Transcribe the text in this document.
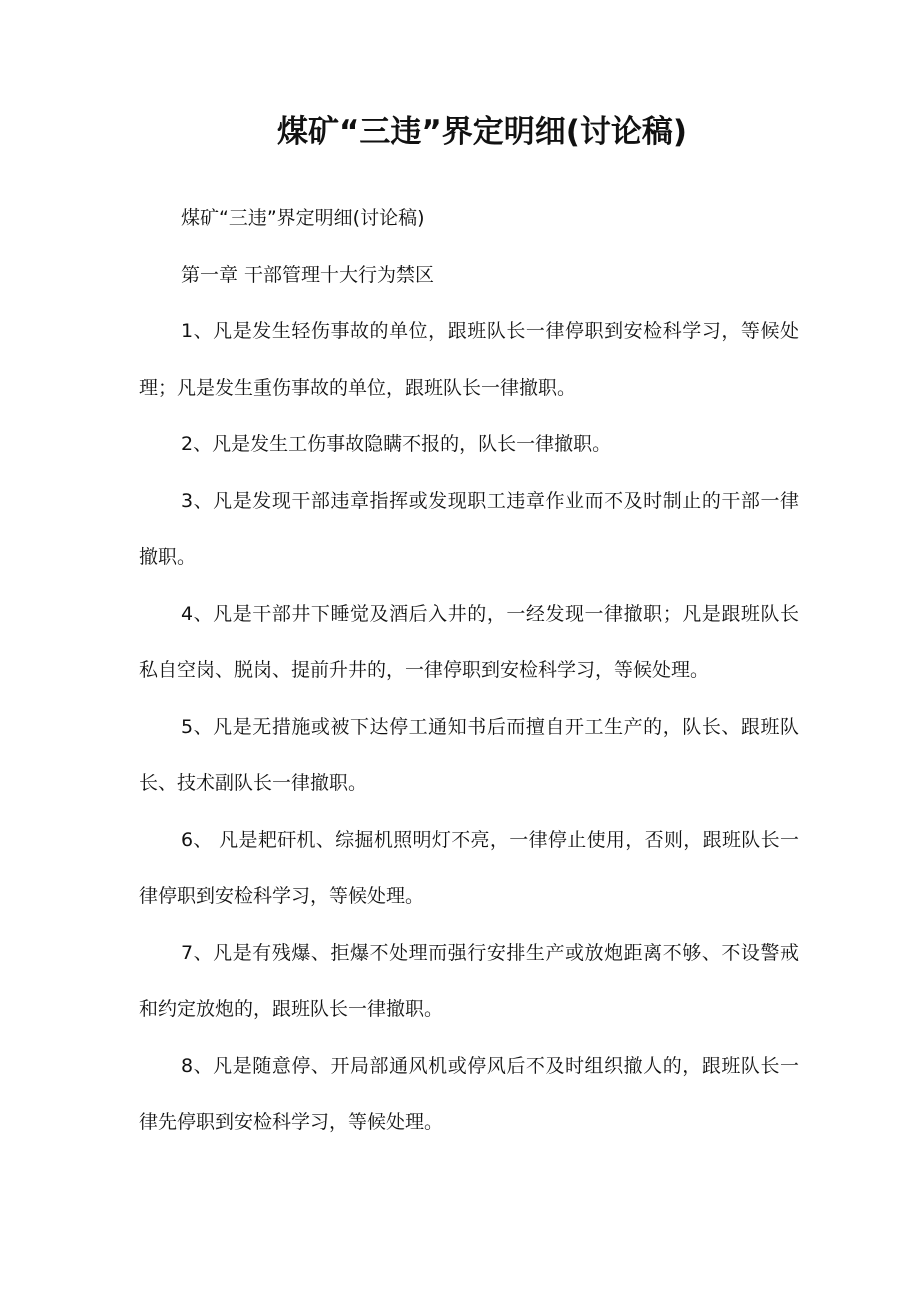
煤矿“三违”界定明细(讨论稿)

煤矿“三违”界定明细(讨论稿)

第一章 干部管理十大行为禁区

1、凡是发生轻伤事故的单位，跟班队长一律停职到安检科学习，等候处理；凡是发生重伤事故的单位，跟班队长一律撤职。

2、凡是发生工伤事故隐瞒不报的，队长一律撤职。

3、凡是发现干部违章指挥或发现职工违章作业而不及时制止的干部一律撤职。

4、凡是干部井下睡觉及酒后入井的，一经发现一律撤职；凡是跟班队长私自空岗、脱岗、提前升井的，一律停职到安检科学习，等候处理。

5、凡是无措施或被下达停工通知书后而擅自开工生产的，队长、跟班队长、技术副队长一律撤职。

6、 凡是耙矸机、综掘机照明灯不亮，一律停止使用，否则，跟班队长一律停职到安检科学习，等候处理。

7、凡是有残爆、拒爆不处理而强行安排生产或放炮距离不够、不设警戒和约定放炮的，跟班队长一律撤职。

8、凡是随意停、开局部通风机或停风后不及时组织撤人的，跟班队长一律先停职到安检科学习，等候处理。
